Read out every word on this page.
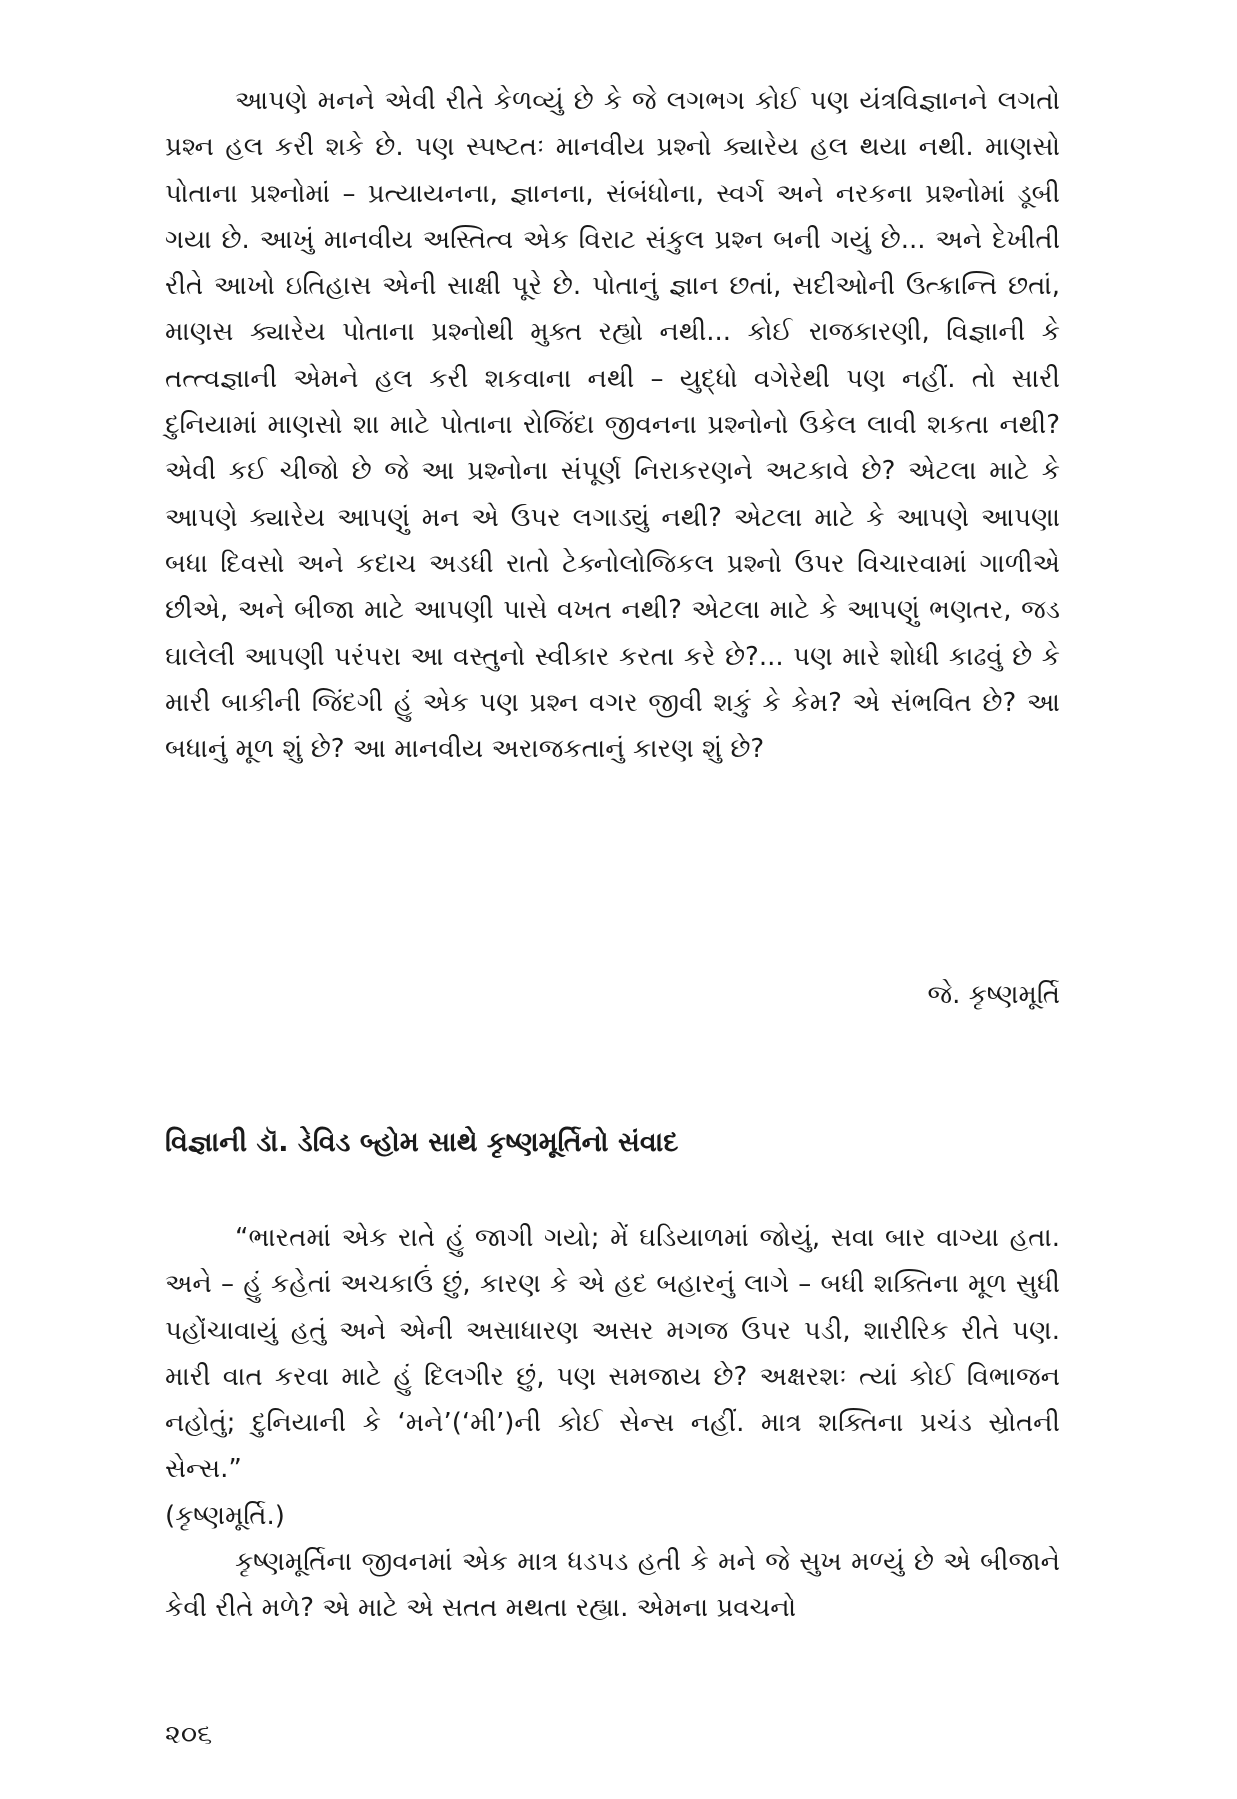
આપણે મનને એવી રીતે કેળવ્યું છે કે જે લગભગ કોઈ પણ યંત્રવિજ્ઞાનને લગતો પ્રશ્ન હલ કરી શકે છે. પણ સ્પષ્ટતઃ માનવીય પ્રશ્નો ક્યારેય હલ થયા નથી. માણસો પોતાના પ્રશ્નોમાં – પ્રત્યાયનના, જ્ઞાનના, સંબંધોના, સ્વર્ગ અને નરકના પ્રશ્નોમાં ડૂબી ગયા છે. આખું માનવીય અસ્તિત્વ એક વિરાટ સંકુલ પ્રશ્ન બની ગયું છે... અને દેખીતી રીતે આખો ઇતિહાસ એની સાક્ષી પૂરે છે. પોતાનું જ્ઞાન છતાં, સદીઓની ઉત્ક્રાન્તિ છતાં, માણસ ક્યારેય પોતાના પ્રશ્નોથી મુક્ત રહ્યો નથી... કોઈ રાજકારણી, વિજ્ઞાની કે તત્ત્વજ્ઞાની એમને હલ કરી શકવાના નથી – યુદ્ધો વગેરેથી પણ નહીં. તો સારી દુનિયામાં માણસો શા માટે પોતાના રોજિંદા જીવનના પ્રશ્નોનો ઉકેલ લાવી શકતા નથી? એવી કઈ ચીજો છે જે આ પ્રશ્નોના સંપૂર્ણ નિરાકરણને અટકાવે છે? એટલા માટે કે આપણે ક્યારેય આપણું મન એ ઉપર લગાડ્યું નથી? એટલા માટે કે આપણે આપણા બધા દિવસો અને કદાચ અડધી રાતો ટેક્નોલોજિકલ પ્રશ્નો ઉપર વિચારવામાં ગાળીએ છીએ, અને બીજા માટે આપણી પાસે વખત નથી? એટલા માટે કે આપણું ભણતર, જડ ઘાલેલી આપણી પરંપરા આ વસ્તુનો સ્વીકાર કરતા કરે છે?... પણ મારે શોધી કાઢવું છે કે મારી બાકીની જિંદગી હું એક પણ પ્રશ્ન વગર જીવી શકું કે કેમ? એ સંભવિત છે? આ બધાનું મૂળ શું છે? આ માનવીય અરાજકતાનું કારણ શું છે?

જે. કૃષ્ણમૂર્તિ

વિજ્ઞાની ડૉ. ડેવિડ બ્હોમ સાથે કૃષ્ણમૂર્તિનો સંવાદ

“ભારતમાં એક રાતે હું જાગી ગયો; મેં ઘડિયાળમાં જોયું, સવા બાર વાગ્યા હતા. અને – હું કહેતાં અચકાઉં છું, કારણ કે એ હદ બહારનું લાગે – બધી શક્તિના મૂળ સુધી પહોંચાવાયું હતું અને એની અસાધારણ અસર મગજ ઉપર પડી, શારીરિક રીતે પણ. મારી વાત કરવા માટે હું દિલગીર છું, પણ સમજાય છે? અક્ષરશઃ ત્યાં કોઈ વિભાજન નહોતું; દુનિયાની કે ‘મને’(‘મી’)ની કોઈ સેન્સ નહીં. માત્ર શક્તિના પ્રચંડ સ્રોતની સેન્સ.”

(કૃષ્ણમૂર્તિ.)

કૃષ્ણમૂર્તિના જીવનમાં એક માત્ર ધડપડ હતી કે મને જે સુખ મળ્યું છે એ બીજાને કેવી રીતે મળે? એ માટે એ સતત મથતા રહ્યા. એમના પ્રવચનો

૨૦૬
